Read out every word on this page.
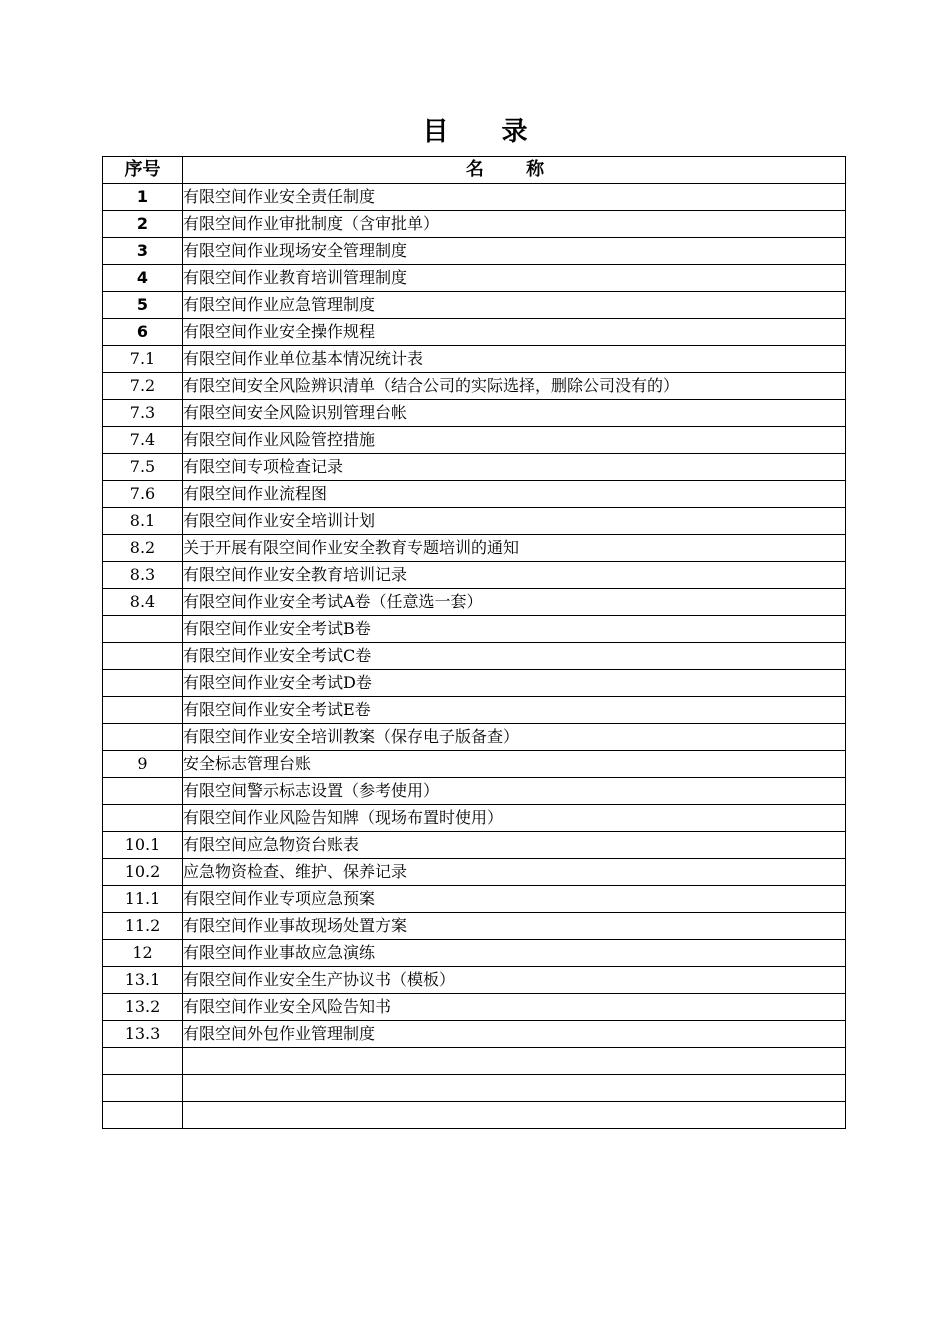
目 录
序号	名 称
1	有限空间作业安全责任制度
2	有限空间作业审批制度（含审批单）
3	有限空间作业现场安全管理制度
4	有限空间作业教育培训管理制度
5	有限空间作业应急管理制度
6	有限空间作业安全操作规程
7.1	有限空间作业单位基本情况统计表
7.2	有限空间安全风险辨识清单（结合公司的实际选择，删除公司没有的）
7.3	有限空间安全风险识别管理台帐
7.4	有限空间作业风险管控措施
7.5	有限空间专项检查记录
7.6	有限空间作业流程图
8.1	有限空间作业安全培训计划
8.2	关于开展有限空间作业安全教育专题培训的通知
8.3	有限空间作业安全教育培训记录
8.4	有限空间作业安全考试A卷（任意选一套）
	有限空间作业安全考试B卷
	有限空间作业安全考试C卷
	有限空间作业安全考试D卷
	有限空间作业安全考试E卷
	有限空间作业安全培训教案（保存电子版备查）
9	安全标志管理台账
	有限空间警示标志设置（参考使用）
	有限空间作业风险告知牌（现场布置时使用）
10.1	有限空间应急物资台账表
10.2	应急物资检查、维护、保养记录
11.1	有限空间作业专项应急预案
11.2	有限空间作业事故现场处置方案
12	有限空间作业事故应急演练
13.1	有限空间作业安全生产协议书（模板）
13.2	有限空间作业安全风险告知书
13.3	有限空间外包作业管理制度
